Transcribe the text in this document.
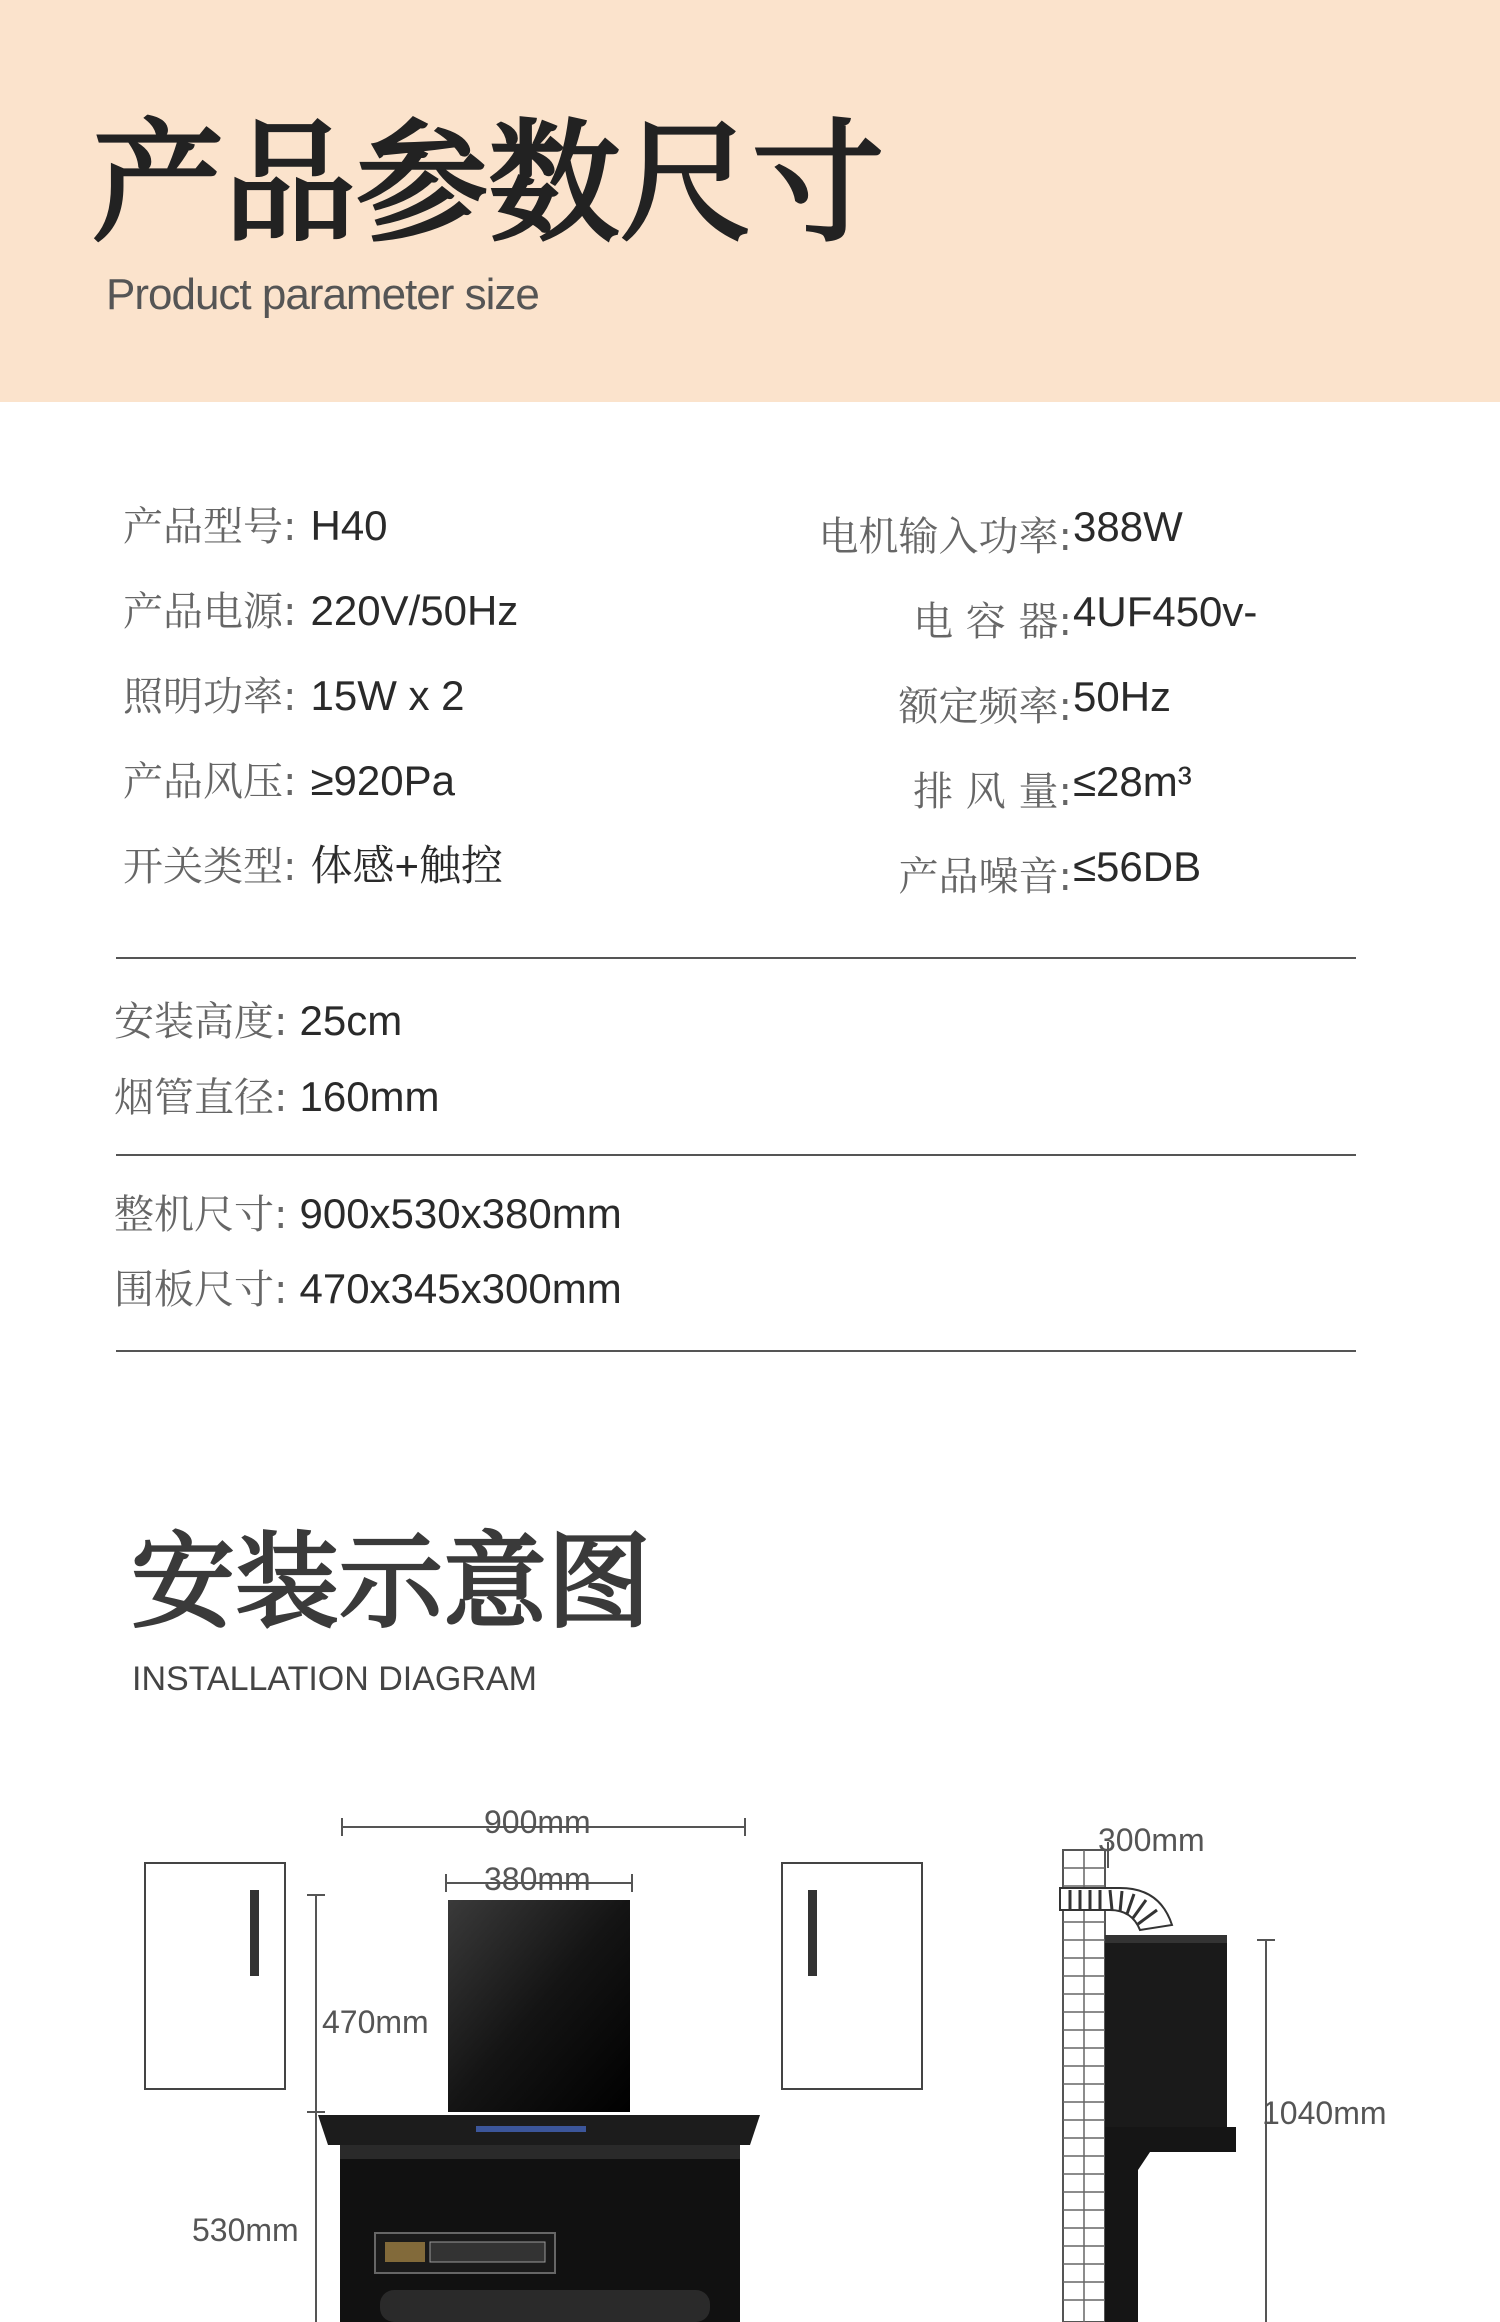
产品参数尺寸
Product parameter size
产品型号: H40
产品电源: 220V/50Hz
照明功率: 15W x 2
产品风压: ≥920Pa
开关类型: 体感+触控
电机输入功率: 388W
电 容 器: 4UF450v-
额定频率: 50Hz
排 风 量: ≤28m³
产品噪音: ≤56DB
安装高度: 25cm
烟管直径: 160mm
整机尺寸: 900x530x380mm
围板尺寸: 470x345x300mm
安装示意图
INSTALLATION DIAGRAM
900mm
380mm
470mm
530mm
300mm
1040mm
